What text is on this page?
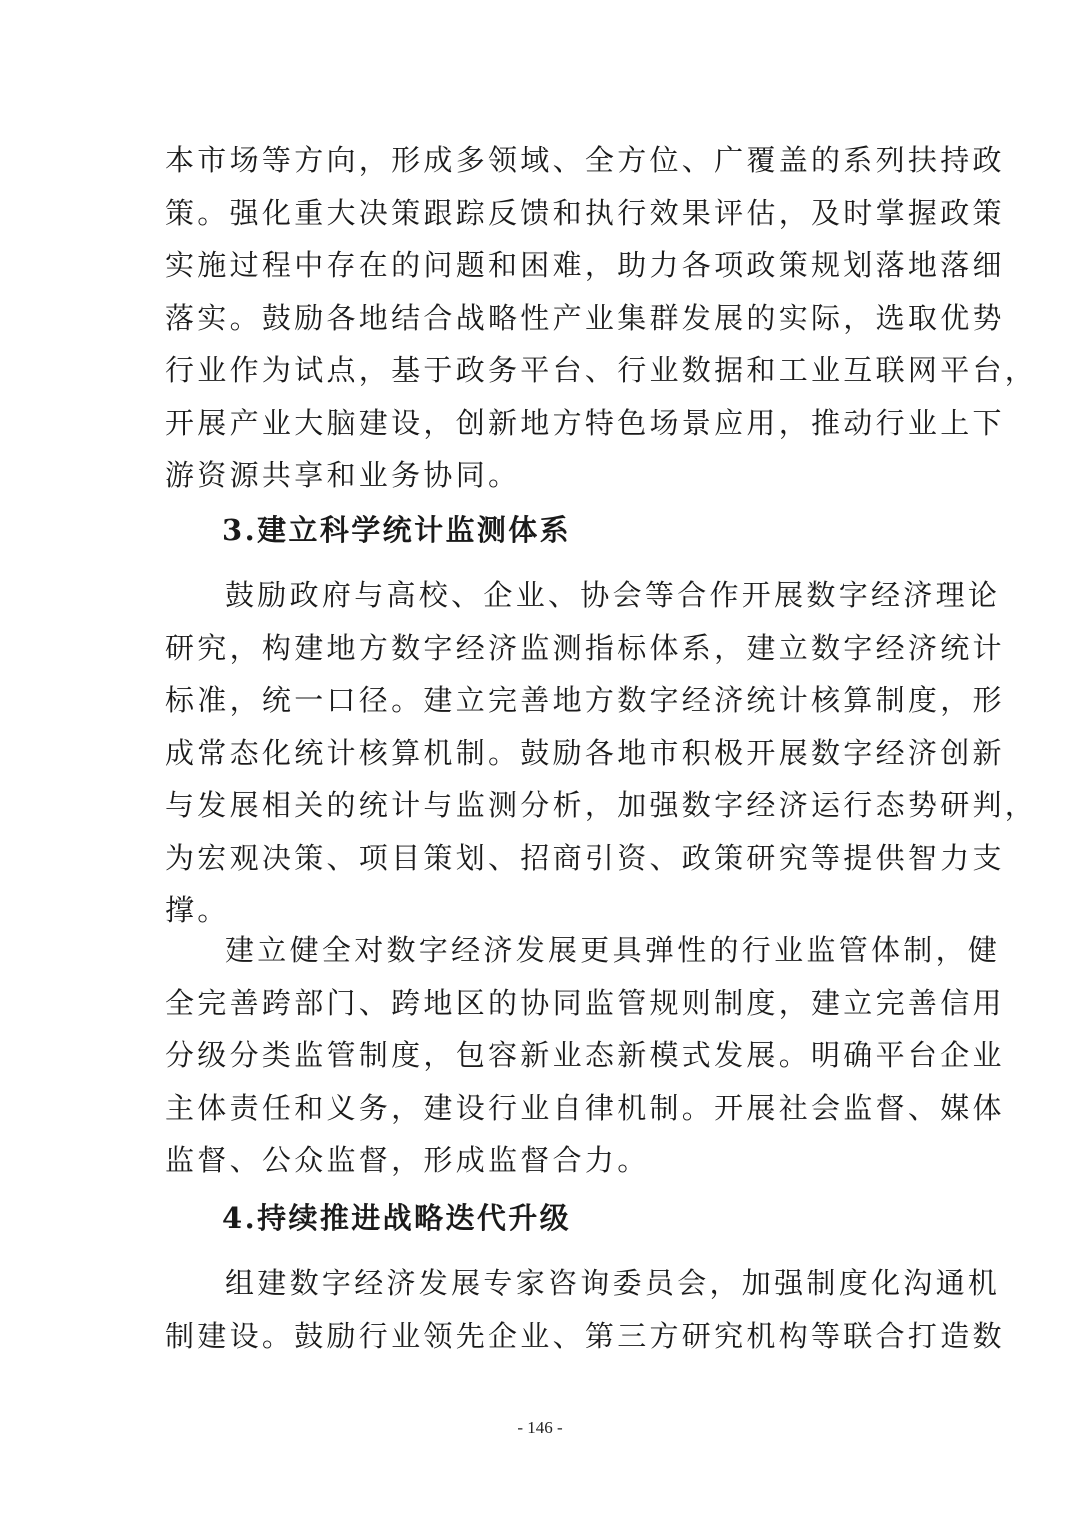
本市场等方向，形成多领域、全方位、广覆盖的系列扶持政
策。强化重大决策跟踪反馈和执行效果评估，及时掌握政策
实施过程中存在的问题和困难，助力各项政策规划落地落细
落实。鼓励各地结合战略性产业集群发展的实际，选取优势
行业作为试点，基于政务平台、行业数据和工业互联网平台，
开展产业大脑建设，创新地方特色场景应用，推动行业上下
游资源共享和业务协同。
3.建立科学统计监测体系
鼓励政府与高校、企业、协会等合作开展数字经济理论
研究，构建地方数字经济监测指标体系，建立数字经济统计
标准，统一口径。建立完善地方数字经济统计核算制度，形
成常态化统计核算机制。鼓励各地市积极开展数字经济创新
与发展相关的统计与监测分析，加强数字经济运行态势研判，
为宏观决策、项目策划、招商引资、政策研究等提供智力支
撑。
建立健全对数字经济发展更具弹性的行业监管体制，健
全完善跨部门、跨地区的协同监管规则制度，建立完善信用
分级分类监管制度，包容新业态新模式发展。明确平台企业
主体责任和义务，建设行业自律机制。开展社会监督、媒体
监督、公众监督，形成监督合力。
4.持续推进战略迭代升级
组建数字经济发展专家咨询委员会，加强制度化沟通机
制建设。鼓励行业领先企业、第三方研究机构等联合打造数
- 146 -
